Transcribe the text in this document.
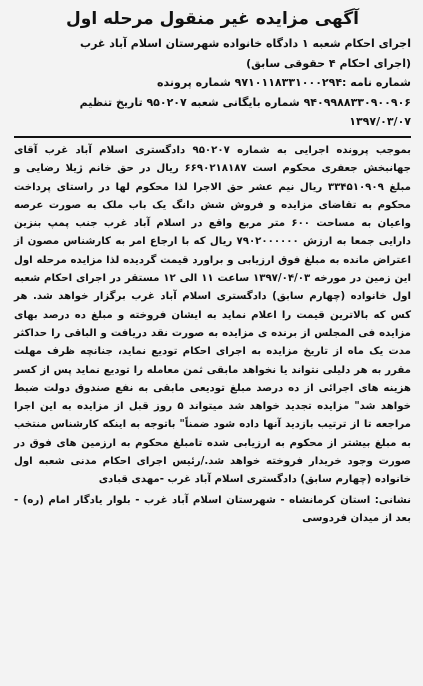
آگهی مزایده غیر منقول مرحله اول
اجرای احکام شعبه ۱ دادگاه خانواده شهرستان اسلام آباد غرب
(اجرای احکام ۴ حقوقی سابق)
شماره نامه :۹۷۱۰۱۱۸۳۳۱۰۰۰۲۹۴ شماره پرونده
۹۴۰۹۹۸۸۳۳۰۹۰۰۹۰۶ شماره بایگانی شعبه ۹۵۰۲۰۷ تاریخ تنظیم
۱۳۹۷/۰۳/۰۷

بموجب پرونده اجرایی به شماره ۹۵۰۲۰۷ دادگستری اسلام آباد غرب آقای جهانبخش جعفری محکوم است ۶۶۹۰۲۱۸۱۸۷ ریال در حق خانم ژیلا رضایی و مبلغ ۳۳۴۵۱۰۹۰۹ ریال نیم عشر حق الاجرا لذا محکوم لها در راستای پرداخت محکوم به تقاضای مزایده و فروش شش دانگ یک باب ملک به صورت عرصه واعیان به مساحت ۶۰۰ متر مربع واقع در اسلام آباد غرب جنب پمپ بنزین دارایی جمعا به ارزش ۷۹۰۲۰۰۰۰۰۰ ریال که با ارجاع امر به کارشناس مصون از اعتراض مانده به مبلغ فوق ارزیابی و براورد قیمت گردیده لذا مزایده مرحله اول این زمین در مورخه ۱۳۹۷/۰۴/۰۳ ساعت ۱۱ الی ۱۲ مستقر در اجرای احکام شعبه اول خانواده (چهارم سابق) دادگستری اسلام آباد غرب برگزار خواهد شد. هر کس که بالاترین قیمت را اعلام نماید به ایشان فروخته و مبلغ ده درصد بهای مزایده فی المجلس از برنده ی مزایده به صورت نقد دریافت و الباقی را حداکثر مدت یک ماه از تاریخ مزایده به اجرای احکام تودیع نماید، جنانچه ظرف مهلت مقرر به هر دلیلی نتواند یا نخواهد مابقی ثمن معامله را تودیع نماید پس از کسر هزینه های اجرائی از ده درصد مبلغ تودیعی مابقی به نفع صندوق دولت ضبط خواهد شد" مزایده تجدید خواهد شد میتواند ۵ روز قبل از مزایده به این اجرا مراجعه تا از ترتیب بازدید آنها داده شود ضمناً" باتوجه به اینکه کارشناس منتخب به مبلغ بیشتر از محکوم به ارزیابی شده تامبلغ محکوم به ارزمین های فوق در صورت وجود خریدار فروخته خواهد شد./رئیس اجرای احکام مدنی شعبه اول خانواده (چهارم سابق) دادگستری اسلام آباد غرب -مهدی قبادی

نشانی: استان کرمانشاه - شهرستان اسلام آباد غرب - بلوار یادگار امام (ره) - بعد از میدان فردوسی
